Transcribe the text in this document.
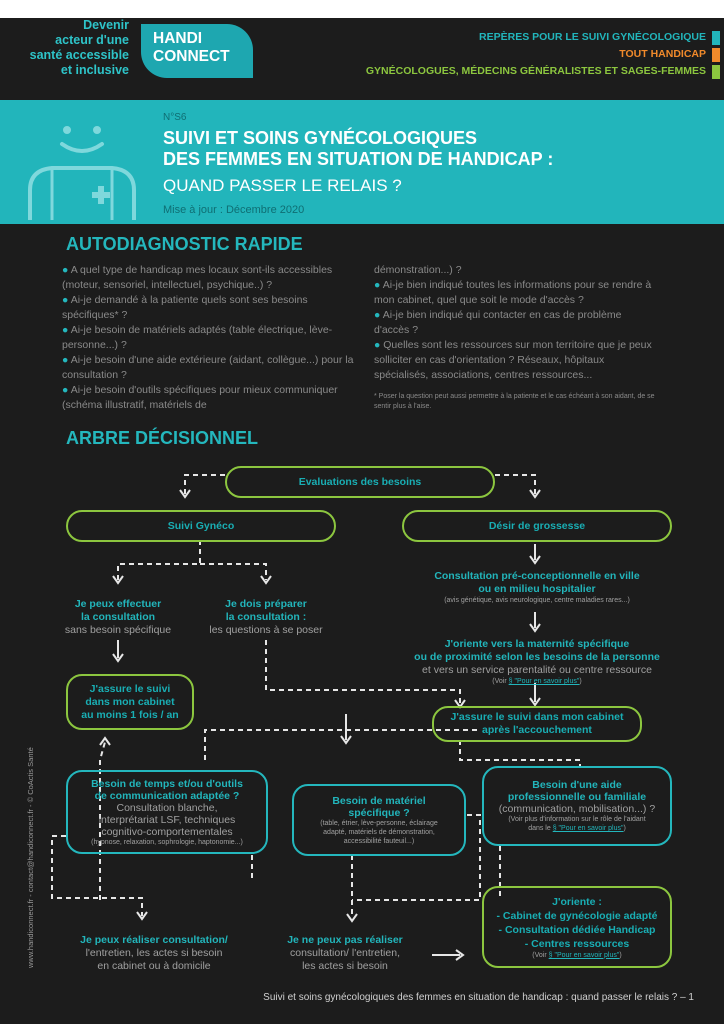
Devenir
acteur d'une
santé accessible
et inclusive
HANDI
CONNECT
REPÈRES POUR LE SUIVI GYNÉCOLOGIQUE
TOUT HANDICAP
GYNÉCOLOGUES, MÉDECINS GÉNÉRALISTES ET SAGES-FEMMES
N°S6
SUIVI ET SOINS GYNÉCOLOGIQUES
DES FEMMES EN SITUATION DE HANDICAP :
QUAND PASSER LE RELAIS ?
Mise à jour : Décembre 2020
AUTODIAGNOSTIC RAPIDE
● A quel type de handicap mes locaux sont-ils accessibles (moteur, sensoriel, intellectuel, psychique..) ?
● Ai-je demandé à la patiente quels sont ses besoins spécifiques* ?
● Ai-je besoin de matériels adaptés (table électrique, lève-personne...) ?
● Ai-je besoin d'une aide extérieure (aidant, collègue...) pour la consultation ?
● Ai-je besoin d'outils spécifiques pour mieux communiquer (schéma illustratif, matériels de
démonstration...) ?
● Ai-je bien indiqué toutes les informations pour se rendre à mon cabinet, quel que soit le mode d'accès ?
● Ai-je bien indiqué qui contacter en cas de problème d'accès ?
● Quelles sont les ressources sur mon territoire que je peux solliciter en cas d'orientation ? Réseaux, hôpitaux spécialisés, associations, centres ressources...
* Poser la question peut aussi permettre à la patiente et le cas échéant à son aidant, de se sentir plus à l'aise.
ARBRE DÉCISIONNEL
Evaluations des besoins
Suivi Gynéco	Désir de grossesse
Je peux effectuer
la consultation
sans besoin spécifique
Je dois préparer
la consultation :
les questions à se poser
J'assure le suivi
dans mon cabinet
au moins 1 fois / an
Consultation pré-conceptionnelle en ville
ou en milieu hospitalier
(avis génétique, avis neurologique, centre maladies rares...)
J'oriente vers la maternité spécifique
ou de proximité selon les besoins de la personne
et vers un service parentalité ou centre ressource
(Voir § "Pour en savoir plus")
J'assure le suivi dans mon cabinet
après l'accouchement
Besoin de temps et/ou d'outils
de communication adaptée ?
Consultation blanche,
interprétariat LSF, techniques
cognitivo-comportementales
(hypnose, relaxation, sophrologie, haptonomie...)
Besoin de matériel
spécifique ?
(table, étrier, lève-personne, éclairage
adapté, matériels de démonstration,
accessibilité fauteuil...)
Besoin d'une aide
professionnelle ou familiale
(communication, mobilisation...) ?
(Voir plus d'information sur le rôle de l'aidant
dans le § "Pour en savoir plus")
Je peux réaliser consultation/
l'entretien, les actes si besoin
en cabinet ou à domicile
Je ne peux pas réaliser
consultation/ l'entretien,
les actes si besoin
J'oriente :
- Cabinet de gynécologie adapté
- Consultation dédiée Handicap
- Centres ressources
(Voir § "Pour en savoir plus")
www.handiconnect.fr - contact@handiconnect.fr - © CoActis Santé
Suivi et soins gynécologiques des femmes en situation de handicap : quand passer le relais ? – 1
